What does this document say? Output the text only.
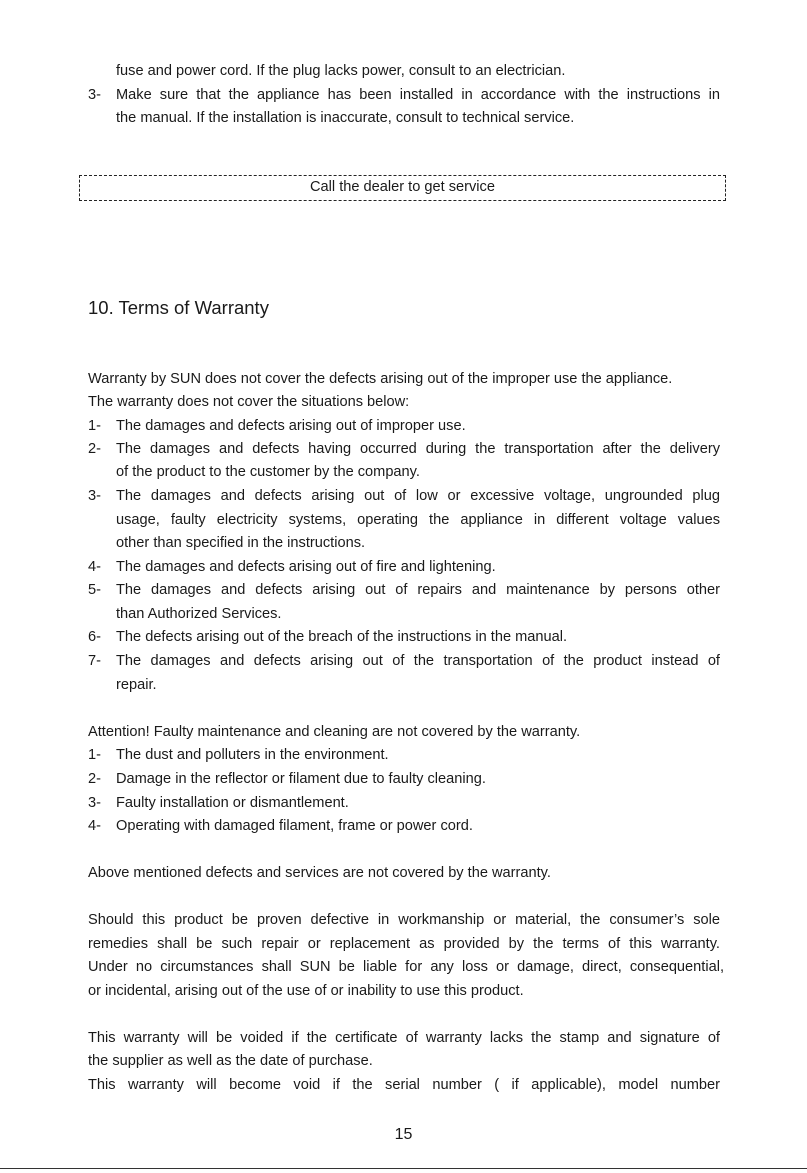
fuse and power cord. If the plug lacks power, consult to an electrician.
3- Make sure that the appliance has been installed in accordance with the instructions in
the manual. If the installation is inaccurate, consult to technical service.
Call the dealer to get service
10. Terms of Warranty
Warranty by SUN does not cover the defects arising out of the improper use the appliance.
The warranty does not cover the situations below:
1- The damages and defects arising out of improper use.
2- The damages and defects having occurred during the transportation after the delivery
of the product to the customer by the company.
3- The damages and defects arising out of low or excessive voltage, ungrounded plug
usage, faulty electricity systems, operating the appliance in different voltage values
other than specified in the instructions.
4- The damages and defects arising out of fire and lightening.
5- The damages and defects arising out of repairs and maintenance by persons other
than Authorized Services.
6- The defects arising out of the breach of the instructions in the manual.
7- The damages and defects arising out of the transportation of the product instead of
repair.
Attention! Faulty maintenance and cleaning are not covered by the warranty.
1- The dust and polluters in the environment.
2- Damage in the reflector or filament due to faulty cleaning.
3- Faulty installation or dismantlement.
4- Operating with damaged filament, frame or power cord.
Above mentioned defects and services are not covered by the warranty.
Should this product be proven defective in workmanship or material, the consumer’s sole
remedies shall be such repair or replacement as provided by the terms of this warranty.
Under no circumstances shall SUN be liable for any loss or damage, direct, consequential,
or incidental, arising out of the use of or inability to use this product.
This warranty will be voided if the certificate of warranty lacks the stamp and signature of
the supplier as well as the date of purchase.
This warranty will become void if the serial number ( if applicable), model number
15
